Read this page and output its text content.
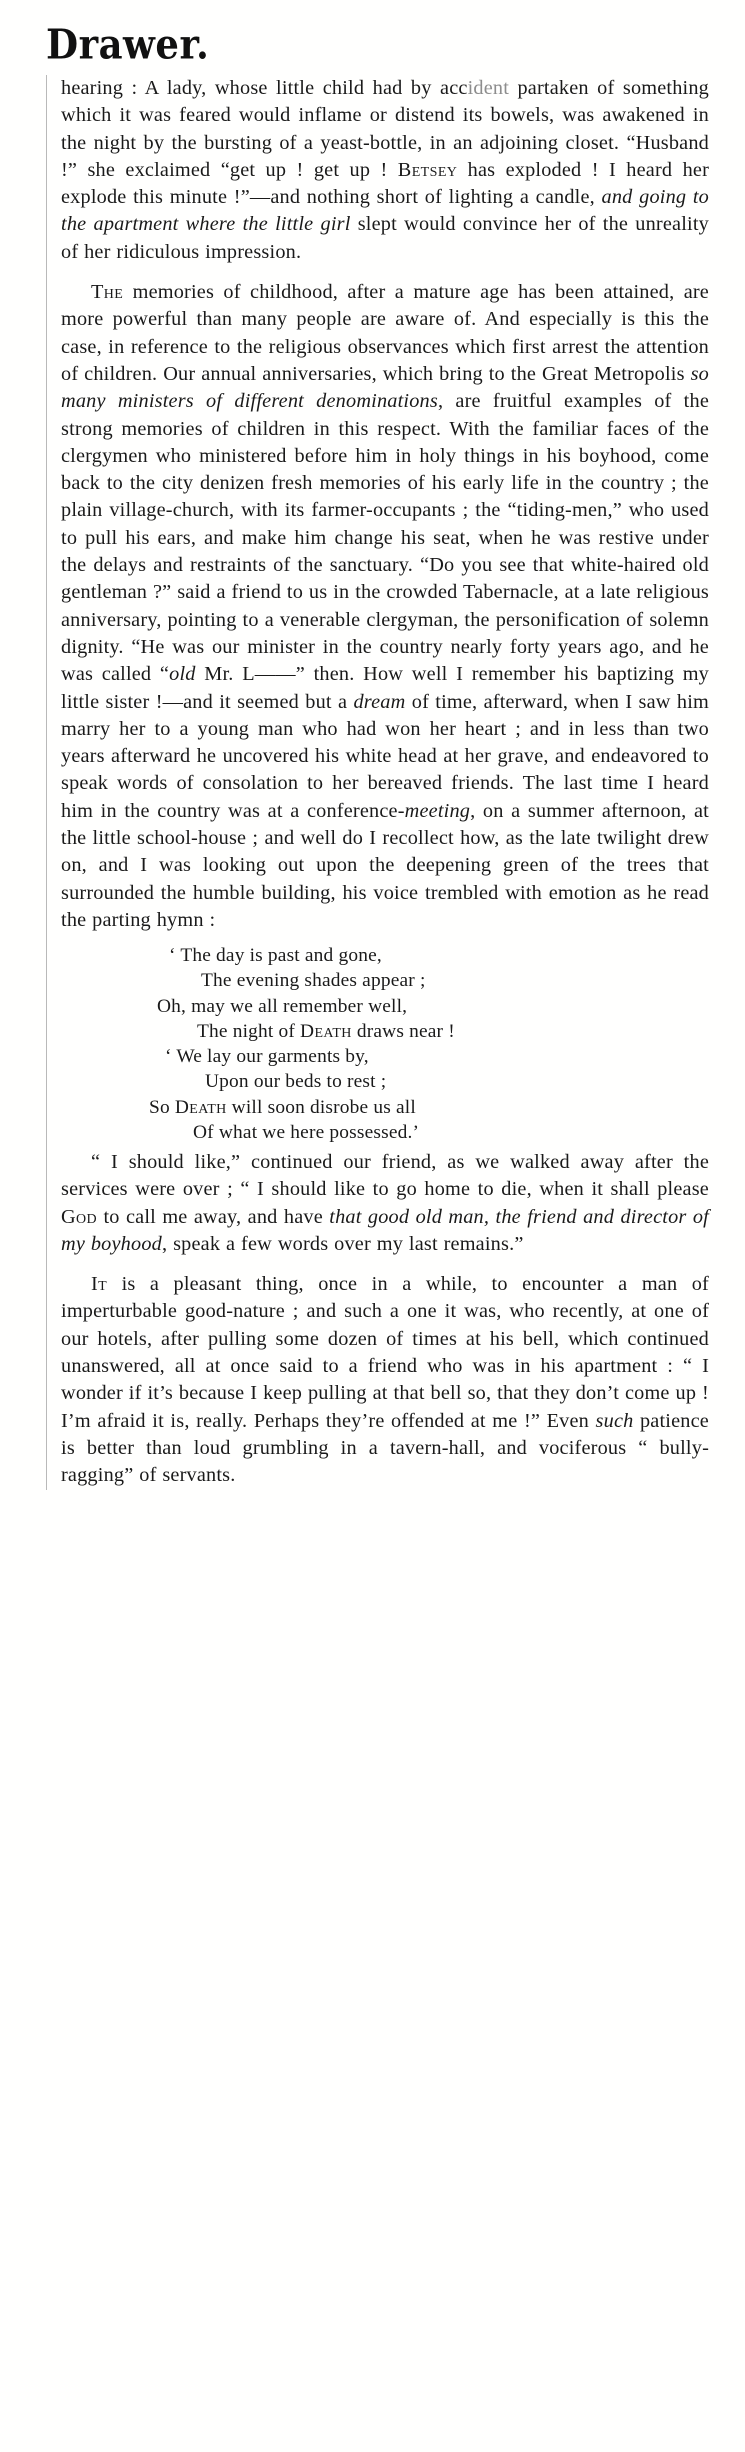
Drawer.

hearing : A lady, whose little child had by accident partaken of something which it was feared would inflame or distend its bowels, was awakened in the night by the bursting of a yeast-bottle, in an adjoining closet. “Husband !” she exclaimed “get up ! get up ! Betsey has exploded ! I heard her explode this minute !”—and nothing short of lighting a candle, and going to the apartment where the little girl slept would convince her of the unreality of her ridiculous impression.

The memories of childhood, after a mature age has been attained, are more powerful than many people are aware of. And especially is this the case, in reference to the religious observances which first arrest the attention of children. Our annual anniversaries, which bring to the Great Metropolis so many ministers of different denominations, are fruitful examples of the strong memories of children in this respect. With the familiar faces of the clergymen who ministered before him in holy things in his boyhood, come back to the city denizen fresh memories of his early life in the country ; the plain village-church, with its farmer-occupants ; the “tiding-men,” who used to pull his ears, and make him change his seat, when he was restive under the delays and restraints of the sanctuary. “Do you see that white-haired old gentleman ?” said a friend to us in the crowded Tabernacle, at a late religious anniversary, pointing to a venerable clergyman, the personification of solemn dignity. “He was our minister in the country nearly forty years ago, and he was called “old Mr. L——” then. How well I remember his baptizing my little sister !—and it seemed but a dream of time, afterward, when I saw him marry her to a young man who had won her heart ; and in less than two years afterward he uncovered his white head at her grave, and endeavored to speak words of consolation to her bereaved friends. The last time I heard him in the country was at a conference-meeting, on a summer afternoon, at the little school-house ; and well do I recollect how, as the late twilight drew on, and I was looking out upon the deepening green of the trees that surrounded the humble building, his voice trembled with emotion as he read the parting hymn :

‘ The day is past and gone,
The evening shades appear ;
Oh, may we all remember well,
The night of Death draws near !
‘ We lay our garments by,
Upon our beds to rest ;
So Death will soon disrobe us all
Of what we here possessed.’

“ I should like,” continued our friend, as we walked away after the services were over ; “ I should like to go home to die, when it shall please God to call me away, and have that good old man, the friend and director of my boyhood, speak a few words over my last remains.”

It is a pleasant thing, once in a while, to encounter a man of imperturbable good-nature ; and such a one it was, who recently, at one of our hotels, after pulling some dozen of times at his bell, which continued unanswered, all at once said to a friend who was in his apartment : “ I wonder if it’s because I keep pulling at that bell so, that they don’t come up ! I’m afraid it is, really. Perhaps they’re offended at me !” Even such patience is better than loud grumbling in a tavern-hall, and vociferous “ bully-ragging” of servants.
